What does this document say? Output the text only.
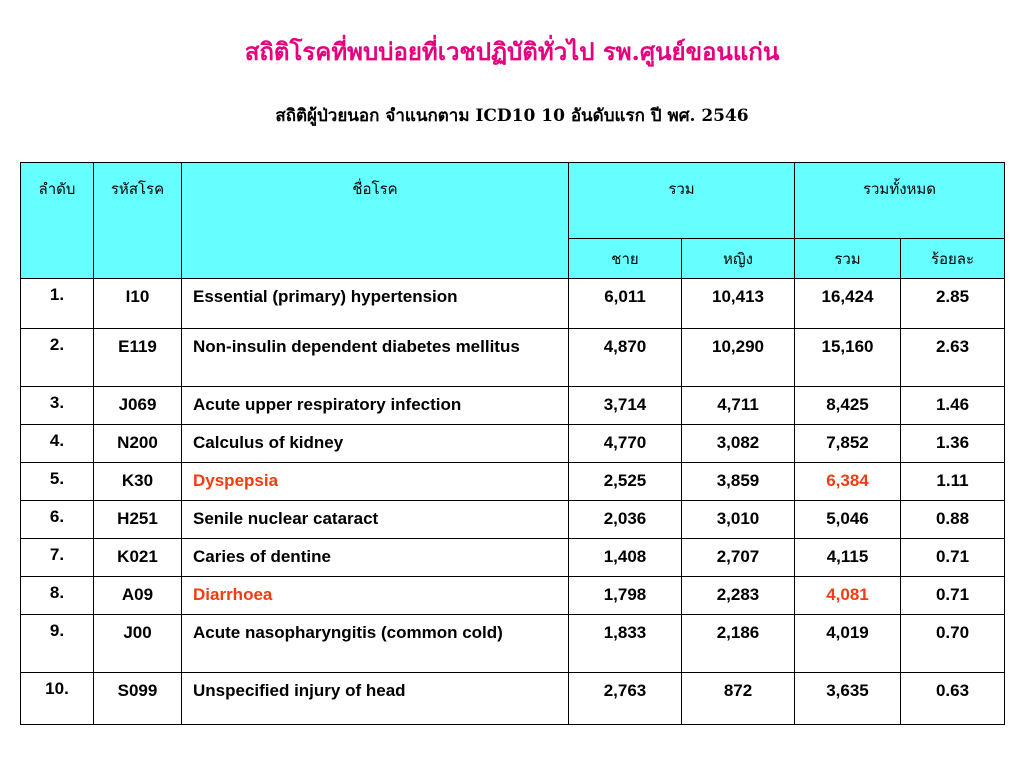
สถิติโรคที่พบบ่อยที่เวชปฏิบัติทั่วไป รพ.ศูนย์ขอนแก่น
สถิติผู้ป่วยนอก จำแนกตาม ICD10 10 อันดับแรก ปี พศ. 2546
ลำดับ	รหัสโรค	ชื่อโรค	รวม		รวมทั้งหมด	
			ชาย	หญิง	รวม	ร้อยละ
1.	I10	Essential (primary) hypertension	6,011	10,413	16,424	2.85
2.	E119	Non-insulin dependent diabetes mellitus	4,870	10,290	15,160	2.63
3.	J069	Acute upper respiratory infection	3,714	4,711	8,425	1.46
4.	N200	Calculus of kidney	4,770	3,082	7,852	1.36
5.	K30	Dyspepsia	2,525	3,859	6,384	1.11
6.	H251	Senile nuclear cataract	2,036	3,010	5,046	0.88
7.	K021	Caries of dentine	1,408	2,707	4,115	0.71
8.	A09	Diarrhoea	1,798	2,283	4,081	0.71
9.	J00	Acute nasopharyngitis (common cold)	1,833	2,186	4,019	0.70
10.	S099	Unspecified injury of head	2,763	872	3,635	0.63
